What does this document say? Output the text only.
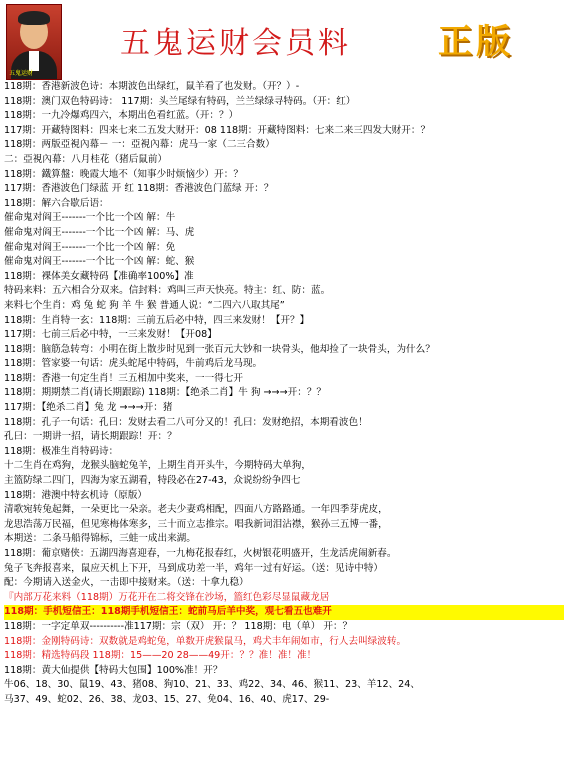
五鬼运财
五鬼运财会员料	正版
118期：香港新波色诗：本期波色出绿红，鼠羊看了也发财。（开？）-
118期：澳门双色特码诗： 117期：头兰尾绿有特码，兰兰绿绿寻特码。（开：红）
118期：一九冷爆鸡四六，本期出色看红蓝。（开：？）
117期：开藏特图料：四来七来二五发大财开：08 118期：开藏特图料：七来二来三四发大财开：？
118期：两版亞視內幕－ 一：亞視內幕：虎马一家（二三合数）
二：亞視內幕：八月桂花（猪后鼠前）
118期：鐵算盤：晚霞大地不（知事少时烦恼少）开：？
117期：香港波色门绿蓝 开 红 118期：香港波色门蓝绿 开：？
118期：解六合歇后语：
催命鬼对阎王-------一个比一个凶 解：牛
催命鬼对阎王-------一个比一个凶 解：马、虎
催命鬼对阎王-------一个比一个凶 解：免
催命鬼对阎王-------一个比一个凶 解：蛇、猴
118期：裸体美女藏特码【准确率100%】准
特码来料：五六相合分双来。信封料：鸡叫三声天快亮。特主：红、防：蓝。
来料七个生肖：鸡 兔 蛇 狗 羊 牛 猴 普通人说：“二四六八取其尾”
118期：生肖特一玄：118期：三前五后必中特，四三来发财！【开？】
117期：七前三后必中特，一三来发财！【开08】
118期：脑筋急转弯：小明在街上散步时见到一张百元大钞和一块骨头，他却捡了一块骨头，为什么？
118期：管家婆一句话：虎头蛇尾中特码，牛前鸡后龙马现。
118期：香港一句定生肖！三五相加中奖来，一一得七开
118期：期期禁二肖(请长期跟踪) 118期：【绝杀二肖】牛 狗 →→→开：？？
117期：【绝杀二肖】兔 龙 →→→开：猪
118期：孔子一句话：孔曰：发财去看二八可分又的！孔曰：发财绝招，本期看波色！
孔曰：一期讲一招，请长期跟踪！开：？
118期：极准生肖特码诗：
十二生肖在鸡狗，龙猴头脑蛇兔羊，上期生肖开头牛，今期特码大单狗，
主篮防绿二四门，四海为家五湖看，特段必在27-43，众说纷纷争四七
118期：港澳中特玄机诗（原版）
清歌宛转兔起舞，一朵更比一朵亲。老夫少妻鸡相配，四面八方路路通。一年四季芽虎皮，
龙思浩荡万民福，但见寒梅体寒多，三十而立志推宗。唱我新词泪沾襟，猴孙三五博一番，
本期送：二条马船得锦标，三蛙一成出来湖。
118期：葡京赌侠：五湖四海喜迎春，一九梅花报春红，火树银花明盛开，生龙活虎闹新春。
兔子飞奔报喜来，鼠应天机上下开，马到成功差一半，鸡年一过有好运。（送：见诗中特）
配：今期请入送金火，一击即中接财来。（送：十拿九稳）
『内部万花来料（118期）万花开在二将交锋在沙场，篮红色彩尽显鼠藏龙居
118期：手机短信王：118期手机短信王：蛇前马后羊中奖，观七看五也难开
118期：一字定单双----------准117期：宗（双） 开：？ 118期：电（单） 开：？
118期：金刚特码诗：双数就是鸡蛇兔，单数开虎猴鼠马，鸡犬丰年闹如市，行人去叫绿波转。
118期：精选特码段 118期：15——20 28——49开：？？准！准！准！
118期：黄大仙提供【特码大包围】100%准！开？
牛06、18、30、鼠19、43、猪08、狗10、21、33、鸡22、34、46、猴11、23、羊12、24、
马37、49、蛇02、26、38、龙03、15、27、免04、16、40、虎17、29-
